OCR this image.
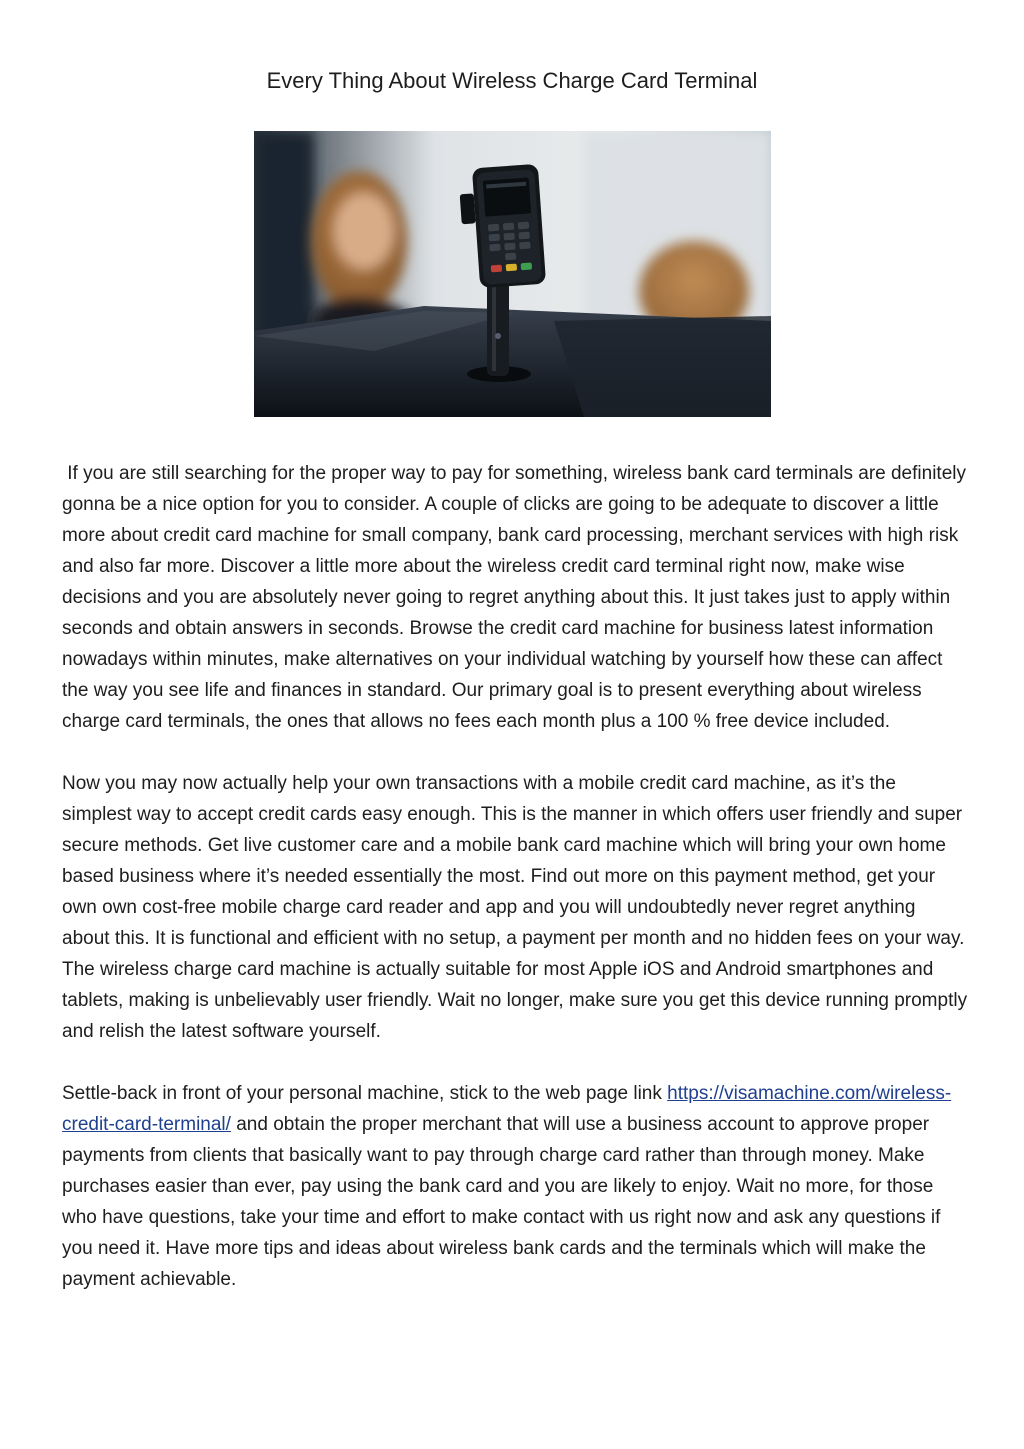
Every Thing About Wireless Charge Card Terminal

If you are still searching for the proper way to pay for something, wireless bank card terminals are definitely gonna be a nice option for you to consider. A couple of clicks are going to be adequate to discover a little more about credit card machine for small company, bank card processing, merchant services with high risk and also far more. Discover a little more about the wireless credit card terminal right now, make wise decisions and you are absolutely never going to regret anything about this. It just takes just to apply within seconds and obtain answers in seconds. Browse the credit card machine for business latest information nowadays within minutes, make alternatives on your individual watching by yourself how these can affect the way you see life and finances in standard. Our primary goal is to present everything about wireless charge card terminals, the ones that allows no fees each month plus a 100 % free device included.

Now you may now actually help your own transactions with a mobile credit card machine, as it’s the simplest way to accept credit cards easy enough. This is the manner in which offers user friendly and super secure methods. Get live customer care and a mobile bank card machine which will bring your own home based business where it’s needed essentially the most. Find out more on this payment method, get your own own cost-free mobile charge card reader and app and you will undoubtedly never regret anything about this. It is functional and efficient with no setup, a payment per month and no hidden fees on your way. The wireless charge card machine is actually suitable for most Apple iOS and Android smartphones and tablets, making is unbelievably user friendly. Wait no longer, make sure you get this device running promptly and relish the latest software yourself.

Settle-back in front of your personal machine, stick to the web page link https://visamachine.com/wireless-credit-card-terminal/ and obtain the proper merchant that will use a business account to approve proper payments from clients that basically want to pay through charge card rather than through money. Make purchases easier than ever, pay using the bank card and you are likely to enjoy. Wait no more, for those who have questions, take your time and effort to make contact with us right now and ask any questions if you need it. Have more tips and ideas about wireless bank cards and the terminals which will make the payment achievable.
